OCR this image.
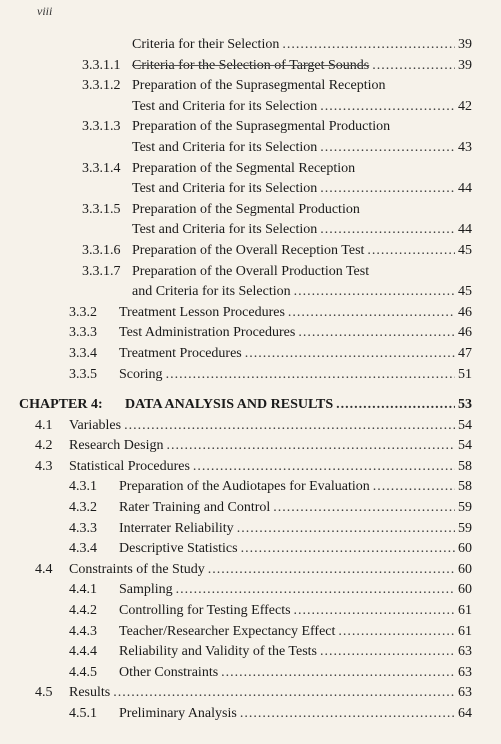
viii
Criteria for their Selection .....	39
3.3.1.1 Criteria for the Selection of Target Sounds .....	39
3.3.1.2 Preparation of the Suprasegmental Reception
Test and Criteria for its Selection .....	42
3.3.1.3 Preparation of the Suprasegmental Production
Test and Criteria for its Selection .....	43
3.3.1.4 Preparation of the Segmental Reception
Test and Criteria for its Selection .....	44
3.3.1.5 Preparation of the Segmental Production
Test and Criteria for its Selection .....	44
3.3.1.6 Preparation of the Overall Reception Test .....	45
3.3.1.7 Preparation of the Overall Production Test
and Criteria for its Selection .....	45
3.3.2 Treatment Lesson Procedures .....	46
3.3.3 Test Administration Procedures .....	46
3.3.4 Treatment Procedures .....	47
3.3.5 Scoring .....	51
CHAPTER 4: DATA ANALYSIS AND RESULTS .....	53
4.1 Variables .....	54
4.2 Research Design .....	54
4.3 Statistical Procedures .....	58
4.3.1 Preparation of the Audiotapes for Evaluation .....	58
4.3.2 Rater Training and Control .....	59
4.3.3 Interrater Reliability .....	59
4.3.4 Descriptive Statistics .....	60
4.4 Constraints of the Study .....	60
4.4.1 Sampling .....	60
4.4.2 Controlling for Testing Effects .....	61
4.4.3 Teacher/Researcher Expectancy Effect .....	61
4.4.4 Reliability and Validity of the Tests .....	63
4.4.5 Other Constraints .....	63
4.5 Results .....	63
4.5.1 Preliminary Analysis .....	64
